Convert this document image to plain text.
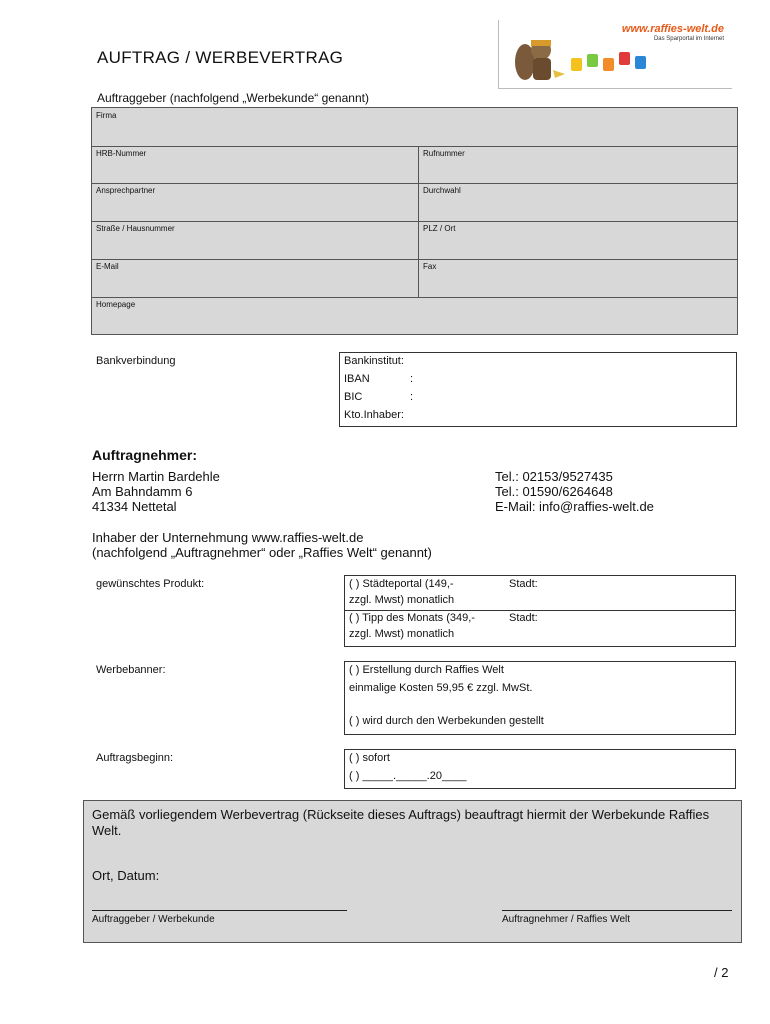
AUFTRAG / WERBEVERTRAG
www.raffies-welt.de
Das Sparportal im Internet
Auftraggeber (nachfolgend „Werbekunde“ genannt)
Firma
HRB-Nummer	Rufnummer
Ansprechpartner	Durchwahl
Straße / Hausnummer	PLZ / Ort
E-Mail	Fax
Homepage
Bankverbindung	Bankinstitut:
IBAN	:
BIC	:
Kto.Inhaber:
Auftragnehmer:
Herrn Martin Bardehle
Am Bahndamm 6
41334 Nettetal
Tel.: 02153/9527435
Tel.: 01590/6264648
E-Mail: info@raffies-welt.de
Inhaber der Unternehmung www.raffies-welt.de
(nachfolgend „Auftragnehmer“ oder „Raffies Welt“ genannt)
gewünschtes Produkt:	( ) Städteportal (149,-
zzgl. Mwst) monatlich
Stadt:
( ) Tipp des Monats (349,-
zzgl. Mwst) monatlich
Stadt:
Werbebanner:	( ) Erstellung durch Raffies Welt
einmalige Kosten 59,95 € zzgl. MwSt.
( ) wird durch den Werbekunden gestellt
Auftragsbeginn:	( ) sofort
( ) _____._____.20____
Gemäß vorliegendem Werbevertrag (Rückseite dieses Auftrags) beauftragt hiermit der Werbekunde Raffies Welt.
Ort, Datum:
Auftraggeber / Werbekunde	Auftragnehmer / Raffies Welt
/ 2
